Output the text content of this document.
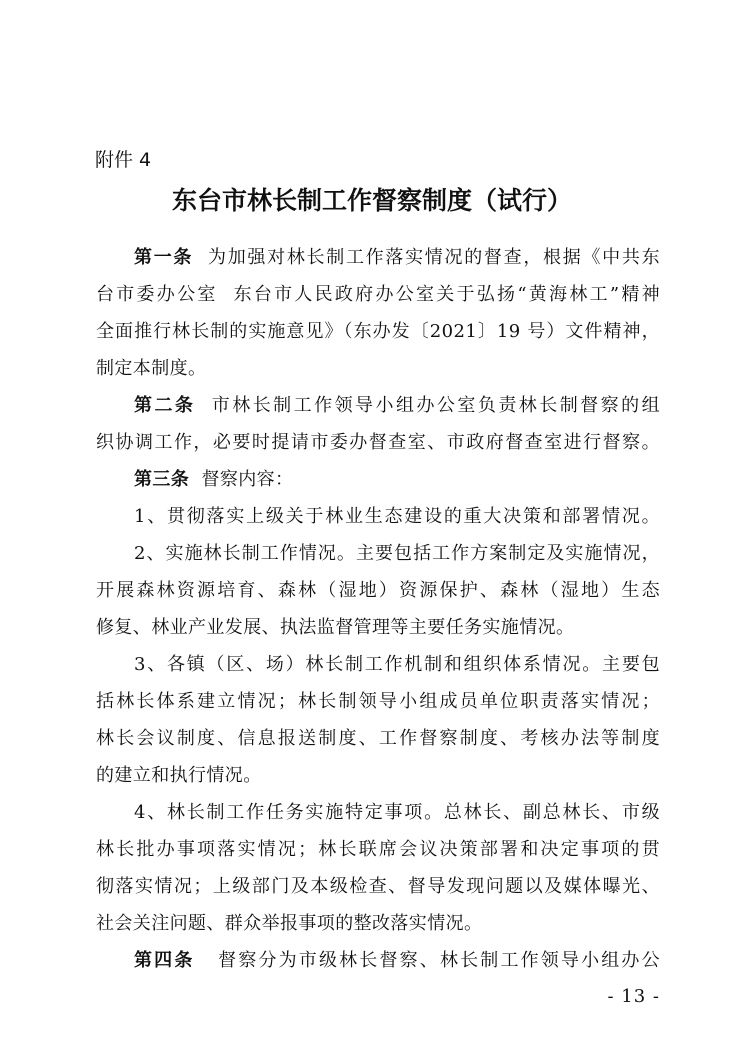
附件 4
东台市林长制工作督察制度（试行）
第一条  为加强对林长制工作落实情况的督查，根据《中共东
台市委办公室  东台市人民政府办公室关于弘扬“黄海林工”精神
全面推行林长制的实施意见》（东办发〔2021〕19 号）文件精神，
制定本制度。
第二条  市林长制工作领导小组办公室负责林长制督察的组
织协调工作，必要时提请市委办督查室、市政府督查室进行督察。
第三条  督察内容：
1、贯彻落实上级关于林业生态建设的重大决策和部署情况。
2、实施林长制工作情况。主要包括工作方案制定及实施情况，
开展森林资源培育、森林（湿地）资源保护、森林（湿地）生态
修复、林业产业发展、执法监督管理等主要任务实施情况。
3、各镇（区、场）林长制工作机制和组织体系情况。主要包
括林长体系建立情况；林长制领导小组成员单位职责落实情况；
林长会议制度、信息报送制度、工作督察制度、考核办法等制度
的建立和执行情况。
4、林长制工作任务实施特定事项。总林长、副总林长、市级
林长批办事项落实情况；林长联席会议决策部署和决定事项的贯
彻落实情况；上级部门及本级检查、督导发现问题以及媒体曝光、
社会关注问题、群众举报事项的整改落实情况。
第四条   督察分为市级林长督察、林长制工作领导小组办公
- 13 -
